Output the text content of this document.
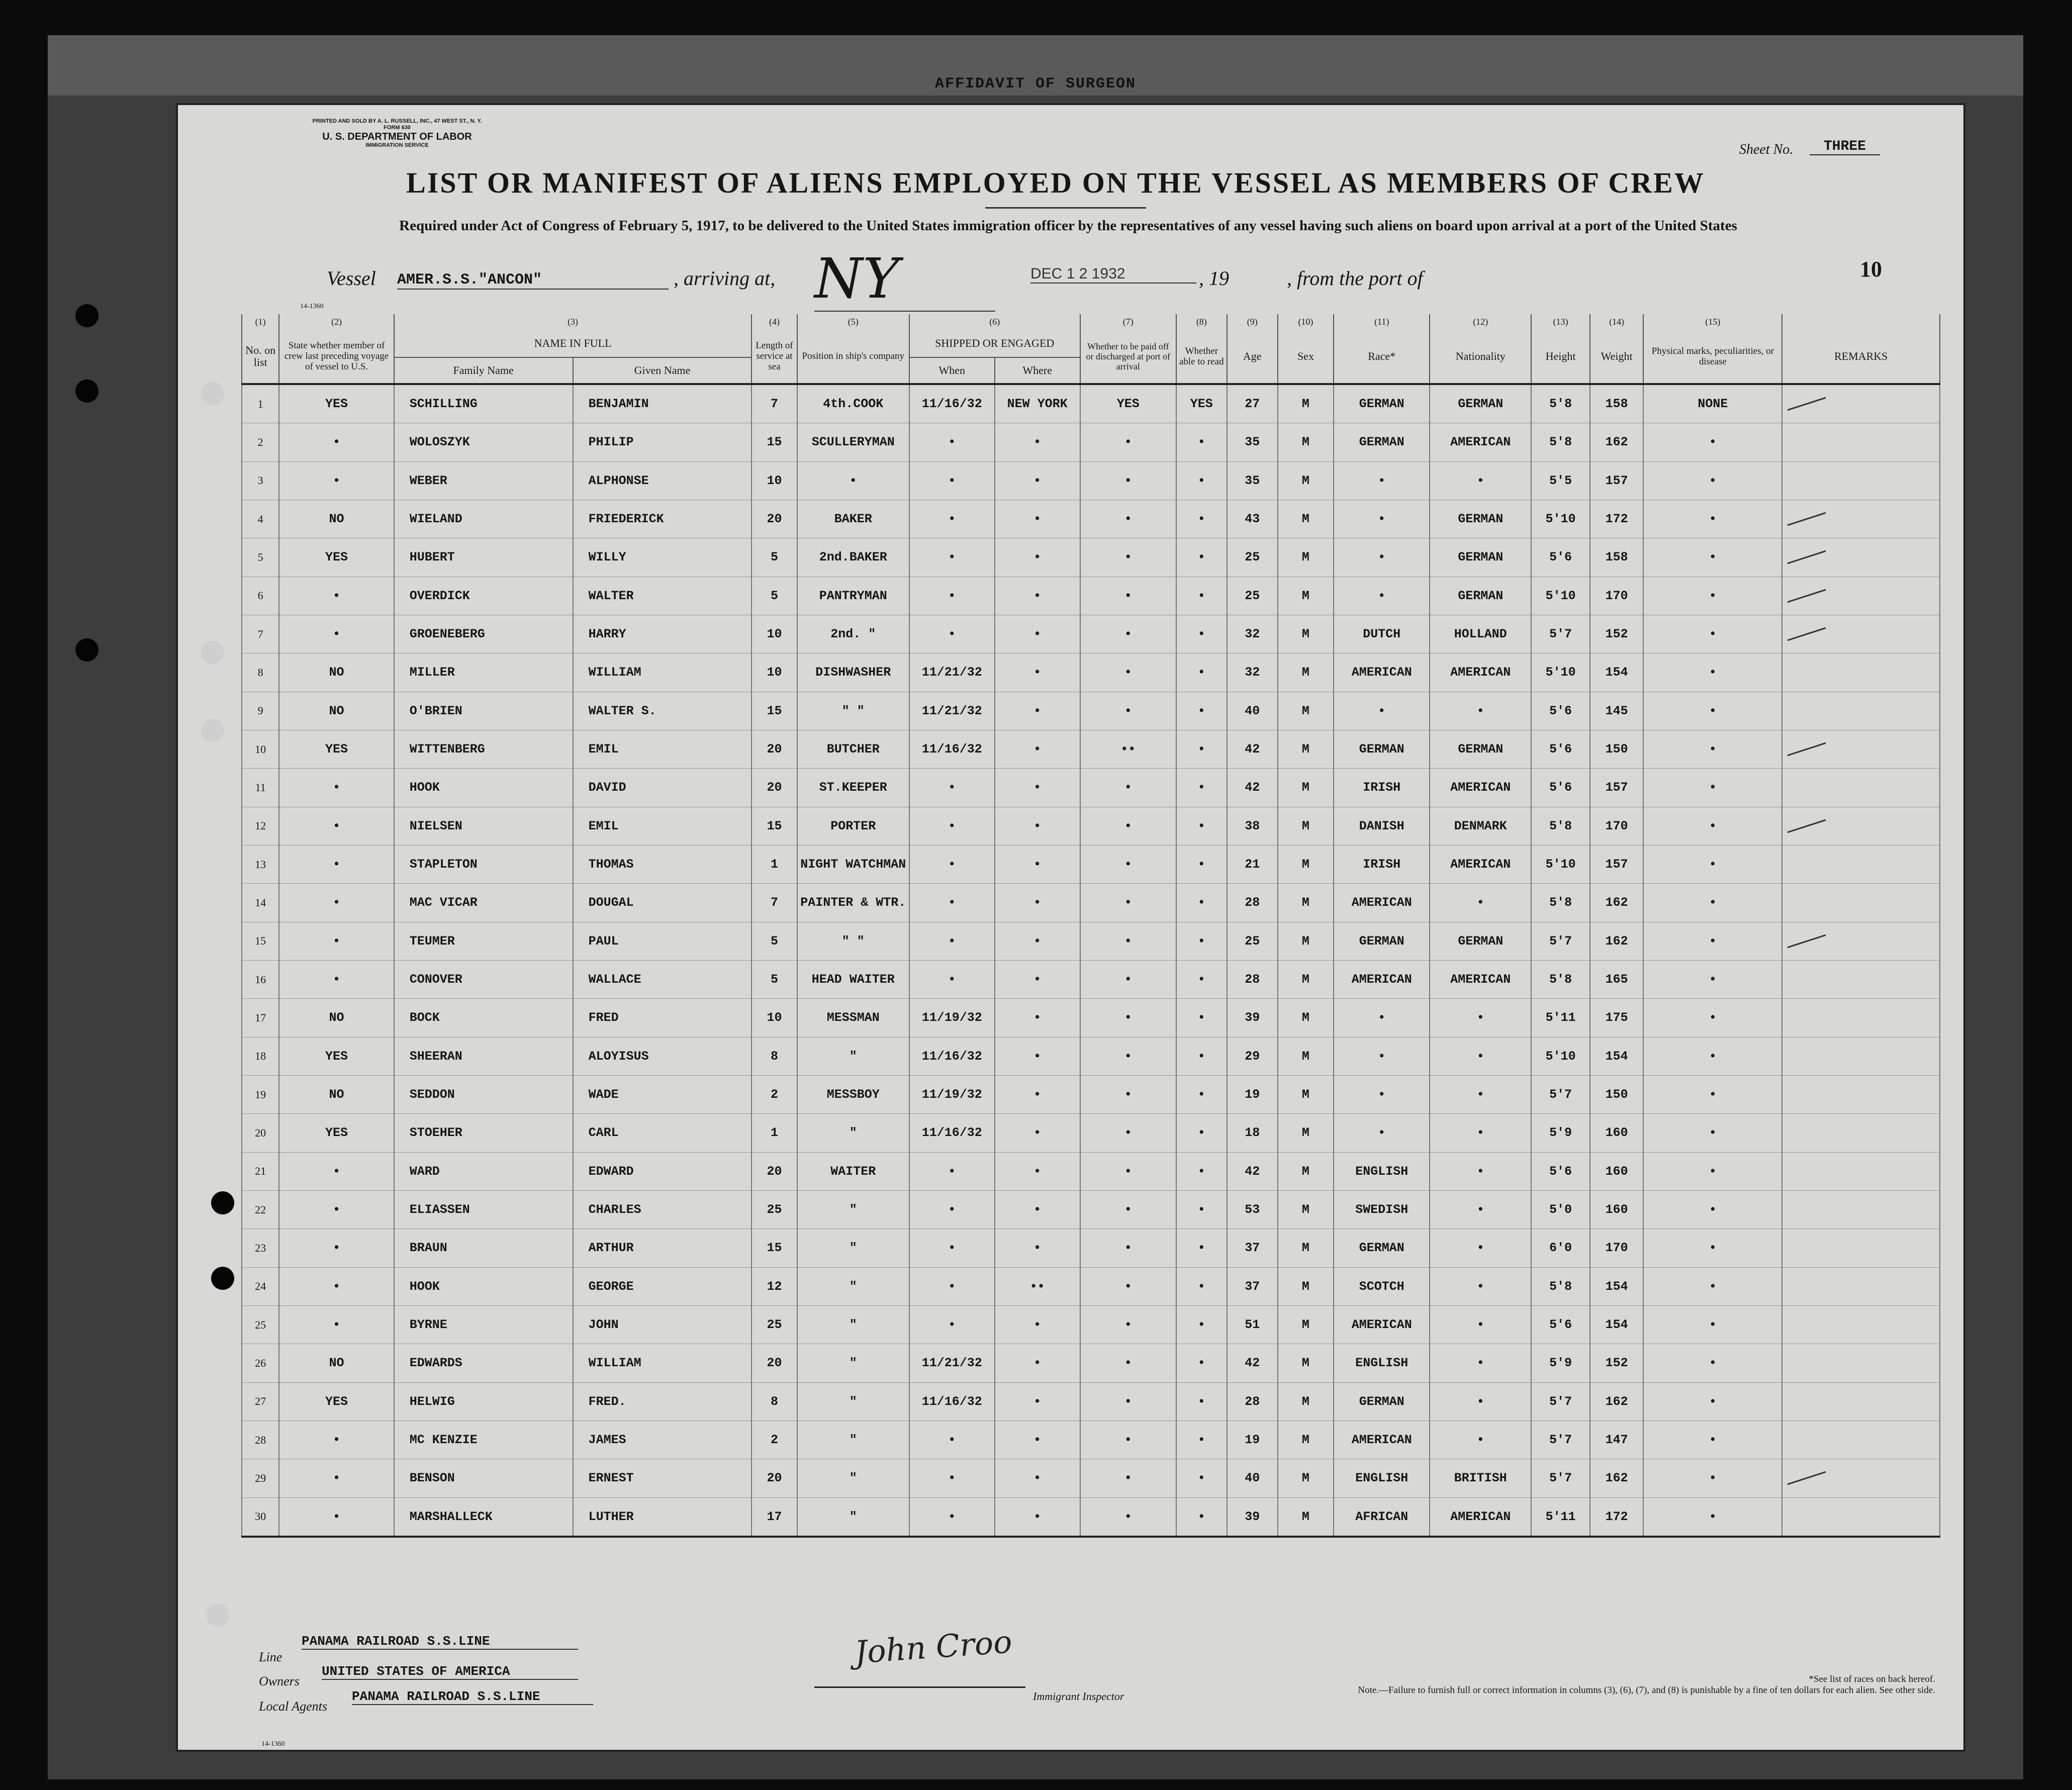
AFFIDAVIT OF SURGEON
PRINTED AND SOLD BY A. L. RUSSELL, INC., 47 WEST ST., N. Y.
FORM 630
U. S. DEPARTMENT OF LABOR
IMMIGRATION SERVICE	Sheet No.	THREE
LIST OR MANIFEST OF ALIENS EMPLOYED ON THE VESSEL AS MEMBERS OF CREW
Required under Act of Congress of February 5, 1917, to be delivered to the United States immigration officer by the representatives of any vessel having such aliens on board upon arrival at a port of the United States
Vessel AMER.S.S."ANCON"	, arriving at, NY	DEC 1 2 1932	, 19	, from the port of	10
14-1360
(1)	(2)	(3)		(4)	(5)	(6)		(7)	(8)	(9)	(10)	(11)	(12)	(13)	(14)	(15)	
No. on list	State whether member of crew last preceding voyage of vessel to U.S.	NAME IN FULL		Length of service at sea	Position in ship's company	SHIPPED OR ENGAGED		Whether to be paid off or discharged at port of arrival	Whether able to read	Age	Sex	Race*	Nationality	Height	Weight	Physical marks, peculiarities, or disease	REMARKS
		Family Name	Given Name			When	Where										
1	YES	SCHILLING	BENJAMIN	7	4th.COOK	11/16/32	NEW YORK	YES	YES	27	M	GERMAN	GERMAN	5'8	158	NONE	
2	•	WOLOSZYK	PHILIP	15	SCULLERYMAN	•	•	•	•	35	M	GERMAN	AMERICAN	5'8	162	•	
3	•	WEBER	ALPHONSE	10	•	•	•	•	•	35	M	•	•	5'5	157	•	
4	NO	WIELAND	FRIEDERICK	20	BAKER	•	•	•	•	43	M	•	GERMAN	5'10	172	•	
5	YES	HUBERT	WILLY	5	2nd.BAKER	•	•	•	•	25	M	•	GERMAN	5'6	158	•	
6	•	OVERDICK	WALTER	5	PANTRYMAN	•	•	•	•	25	M	•	GERMAN	5'10	170	•	
7	•	GROENEBERG	HARRY	10	2nd. "	•	•	•	•	32	M	DUTCH	HOLLAND	5'7	152	•	
8	NO	MILLER	WILLIAM	10	DISHWASHER	11/21/32	•	•	•	32	M	AMERICAN	AMERICAN	5'10	154	•	
9	NO	O'BRIEN	WALTER S.	15	" "	11/21/32	•	•	•	40	M	•	•	5'6	145	•	
10	YES	WITTENBERG	EMIL	20	BUTCHER	11/16/32	•	••	•	42	M	GERMAN	GERMAN	5'6	150	•	
11	•	HOOK	DAVID	20	ST.KEEPER	•	•	•	•	42	M	IRISH	AMERICAN	5'6	157	•	
12	•	NIELSEN	EMIL	15	PORTER	•	•	•	•	38	M	DANISH	DENMARK	5'8	170	•	
13	•	STAPLETON	THOMAS	1	NIGHT WATCHMAN	•	•	•	•	21	M	IRISH	AMERICAN	5'10	157	•	
14	•	MAC VICAR	DOUGAL	7	PAINTER & WTR.	•	•	•	•	28	M	AMERICAN	•	5'8	162	•	
15	•	TEUMER	PAUL	5	" "	•	•	•	•	25	M	GERMAN	GERMAN	5'7	162	•	
16	•	CONOVER	WALLACE	5	HEAD WAITER	•	•	•	•	28	M	AMERICAN	AMERICAN	5'8	165	•	
17	NO	BOCK	FRED	10	MESSMAN	11/19/32	•	•	•	39	M	•	•	5'11	175	•	
18	YES	SHEERAN	ALOYISUS	8	"	11/16/32	•	•	•	29	M	•	•	5'10	154	•	
19	NO	SEDDON	WADE	2	MESSBOY	11/19/32	•	•	•	19	M	•	•	5'7	150	•	
20	YES	STOEHER	CARL	1	"	11/16/32	•	•	•	18	M	•	•	5'9	160	•	
21	•	WARD	EDWARD	20	WAITER	•	•	•	•	42	M	ENGLISH	•	5'6	160	•	
22	•	ELIASSEN	CHARLES	25	"	•	•	•	•	53	M	SWEDISH	•	5'0	160	•	
23	•	BRAUN	ARTHUR	15	"	•	•	•	•	37	M	GERMAN	•	6'0	170	•	
24	•	HOOK	GEORGE	12	"	•	••	•	•	37	M	SCOTCH	•	5'8	154	•	
25	•	BYRNE	JOHN	25	"	•	•	•	•	51	M	AMERICAN	•	5'6	154	•	
26	NO	EDWARDS	WILLIAM	20	"	11/21/32	•	•	•	42	M	ENGLISH	•	5'9	152	•	
27	YES	HELWIG	FRED.	8	"	11/16/32	•	•	•	28	M	GERMAN	•	5'7	162	•	
28	•	MC KENZIE	JAMES	2	"	•	•	•	•	19	M	AMERICAN	•	5'7	147	•	
29	•	BENSON	ERNEST	20	"	•	•	•	•	40	M	ENGLISH	BRITISH	5'7	162	•	
30	•	MARSHALLECK	LUTHER	17	"	•	•	•	•	39	M	AFRICAN	AMERICAN	5'11	172	•	
Line
PANAMA RAILROAD S.S.LINE
Owners
UNITED STATES OF AMERICA
Local Agents
PANAMA RAILROAD S.S.LINE
John Croo
Immigrant Inspector
*See list of races on back hereof.
Note.—Failure to furnish full or correct information in columns (3), (6), (7), and (8) is punishable by a fine of ten dollars for each alien. See other side.
14-1360
